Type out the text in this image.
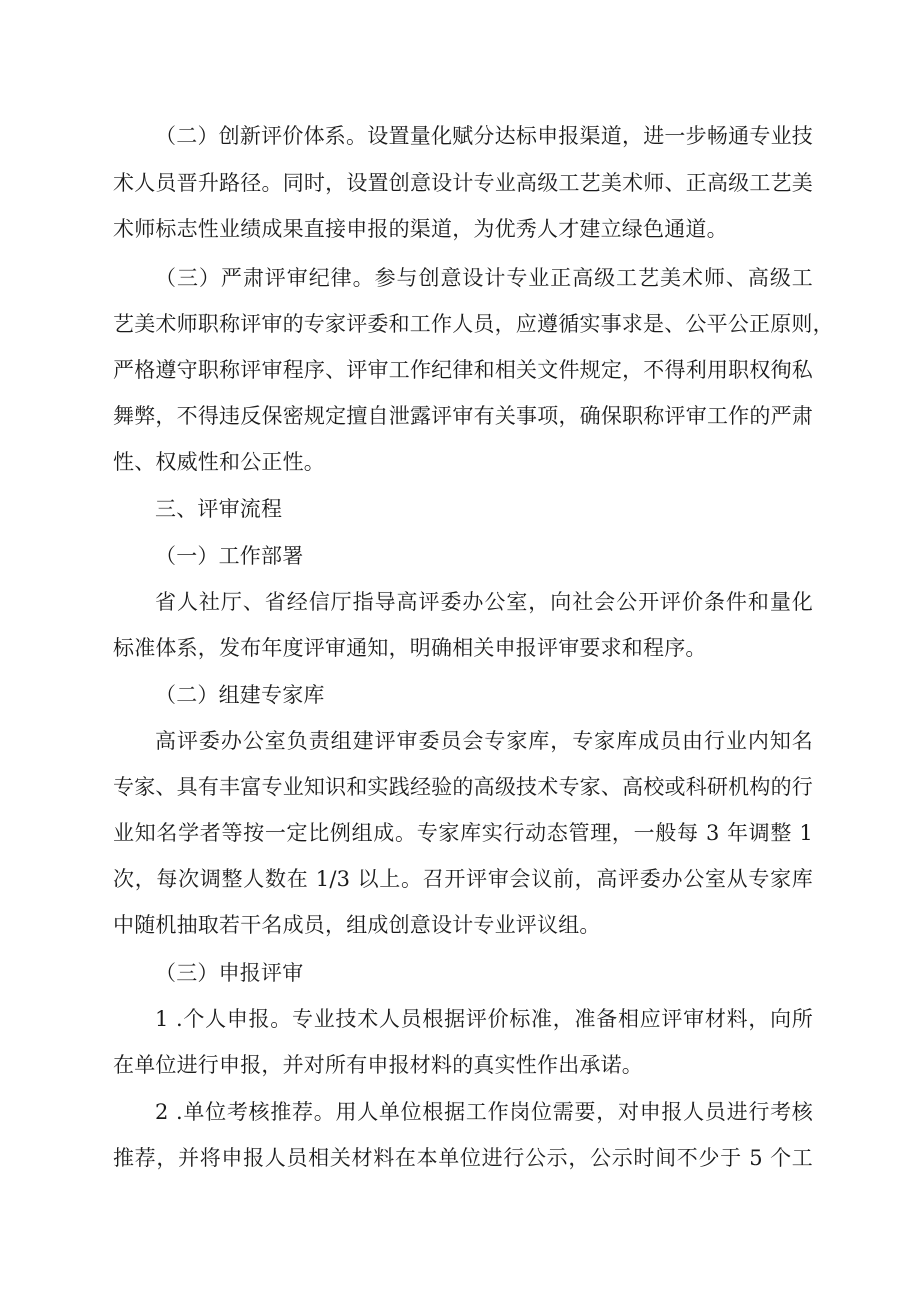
（二）创新评价体系。设置量化赋分达标申报渠道，进一步畅通专业技
术人员晋升路径。同时，设置创意设计专业高级工艺美术师、正高级工艺美
术师标志性业绩成果直接申报的渠道，为优秀人才建立绿色通道。
（三）严肃评审纪律。参与创意设计专业正高级工艺美术师、高级工
艺美术师职称评审的专家评委和工作人员，应遵循实事求是、公平公正原则，
严格遵守职称评审程序、评审工作纪律和相关文件规定，不得利用职权徇私
舞弊，不得违反保密规定擅自泄露评审有关事项，确保职称评审工作的严肃
性、权威性和公正性。
三、评审流程
（一）工作部署
省人社厅、省经信厅指导高评委办公室，向社会公开评价条件和量化
标准体系，发布年度评审通知，明确相关申报评审要求和程序。
（二）组建专家库
高评委办公室负责组建评审委员会专家库，专家库成员由行业内知名
专家、具有丰富专业知识和实践经验的高级技术专家、高校或科研机构的行
业知名学者等按一定比例组成。专家库实行动态管理，一般每 3 年调整 1
次，每次调整人数在 1/3 以上。召开评审会议前，高评委办公室从专家库
中随机抽取若干名成员，组成创意设计专业评议组。
（三）申报评审
1 .个人申报。专业技术人员根据评价标准，准备相应评审材料，向所
在单位进行申报，并对所有申报材料的真实性作出承诺。
2 .单位考核推荐。用人单位根据工作岗位需要，对申报人员进行考核
推荐，并将申报人员相关材料在本单位进行公示，公示时间不少于 5 个工
